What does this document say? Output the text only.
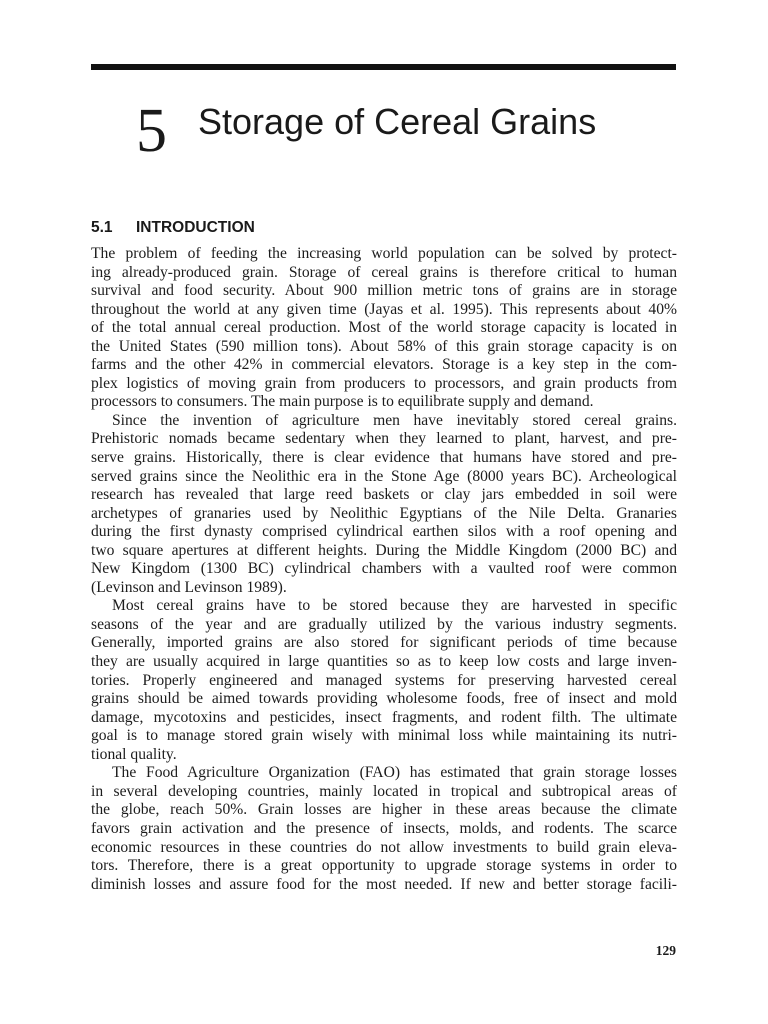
5 Storage of Cereal Grains
5.1 INTRODUCTION
The problem of feeding the increasing world population can be solved by protect-
ing already-produced grain. Storage of cereal grains is therefore critical to human
survival and food security. About 900 million metric tons of grains are in storage
throughout the world at any given time (Jayas et al. 1995). This represents about 40%
of the total annual cereal production. Most of the world storage capacity is located in
the United States (590 million tons). About 58% of this grain storage capacity is on
farms and the other 42% in commercial elevators. Storage is a key step in the com-
plex logistics of moving grain from producers to processors, and grain products from
processors to consumers. The main purpose is to equilibrate supply and demand.
Since the invention of agriculture men have inevitably stored cereal grains.
Prehistoric nomads became sedentary when they learned to plant, harvest, and pre-
serve grains. Historically, there is clear evidence that humans have stored and pre-
served grains since the Neolithic era in the Stone Age (8000 years BC). Archeological
research has revealed that large reed baskets or clay jars embedded in soil were
archetypes of granaries used by Neolithic Egyptians of the Nile Delta. Granaries
during the first dynasty comprised cylindrical earthen silos with a roof opening and
two square apertures at different heights. During the Middle Kingdom (2000 BC) and
New Kingdom (1300 BC) cylindrical chambers with a vaulted roof were common
(Levinson and Levinson 1989).
Most cereal grains have to be stored because they are harvested in specific
seasons of the year and are gradually utilized by the various industry segments.
Generally, imported grains are also stored for significant periods of time because
they are usually acquired in large quantities so as to keep low costs and large inven-
tories. Properly engineered and managed systems for preserving harvested cereal
grains should be aimed towards providing wholesome foods, free of insect and mold
damage, mycotoxins and pesticides, insect fragments, and rodent filth. The ultimate
goal is to manage stored grain wisely with minimal loss while maintaining its nutri-
tional quality.
The Food Agriculture Organization (FAO) has estimated that grain storage losses
in several developing countries, mainly located in tropical and subtropical areas of
the globe, reach 50%. Grain losses are higher in these areas because the climate
favors grain activation and the presence of insects, molds, and rodents. The scarce
economic resources in these countries do not allow investments to build grain eleva-
tors. Therefore, there is a great opportunity to upgrade storage systems in order to
diminish losses and assure food for the most needed. If new and better storage facili-
129
